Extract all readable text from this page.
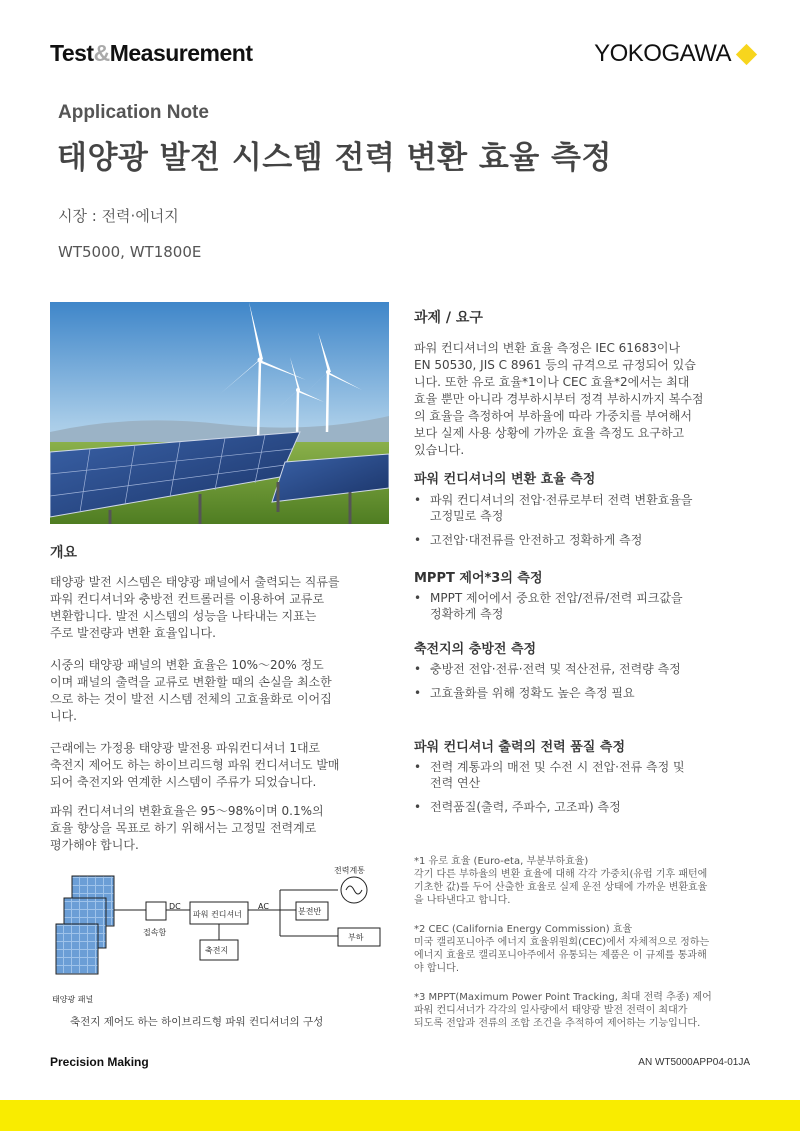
Test&Measurement	YOKOGAWA
Application Note
태양광 발전 시스템 전력 변환 효율 측정
시장 : 전력·에너지
WT5000, WT1800E
개요
태양광 발전 시스템은 태양광 패널에서 출력되는 직류를
파워 컨디셔너와 충방전 컨트롤러를 이용하여 교류로
변환합니다. 발전 시스템의 성능을 나타내는 지표는
주로 발전량과 변환 효율입니다.
시중의 태양광 패널의 변환 효율은 10%～20% 정도
이며 패널의 출력을 교류로 변환할 때의 손실을 최소한
으로 하는 것이 발전 시스템 전체의 고효율화로 이어집
니다.
근래에는 가정용 태양광 발전용 파워컨디셔너 1대로
축전지 제어도 하는 하이브리드형 파워 컨디셔너도 발매
되어 축전지와 연계한 시스템이 주류가 되었습니다.
파워 컨디셔너의 변환효율은 95～98%이며 0.1%의
효율 향상을 목표로 하기 위해서는 고정밀 전력계로
평가해야 합니다.
전력계통
DC	AC
접속함
파워 컨디셔너	분전반
부하
축전지
태양광 패널
축전지 제어도 하는 하이브리드형 파워 컨디셔너의 구성
과제 / 요구
파워 컨디셔너의 변환 효율 측정은 IEC 61683이나
EN 50530, JIS C 8961 등의 규격으로 규정되어 있습
니다. 또한 유로 효율*1이나 CEC 효율*2에서는 최대
효율 뿐만 아니라 경부하시부터 정격 부하시까지 복수점
의 효율을 측정하여 부하율에 따라 가중치를 부여해서
보다 실제 사용 상황에 가까운 효율 측정도 요구하고
있습니다.
파워 컨디셔너의 변환 효율 측정
• 파워 컨디셔너의 전압·전류로부터 전력 변환효율을
고정밀로 측정
• 고전압·대전류를 안전하고 정확하게 측정
MPPT 제어*3의 측정
• MPPT 제어에서 중요한 전압/전류/전력 피크값을
정확하게 측정
축전지의 충방전 측정
• 충방전 전압·전류·전력 및 적산전류, 전력량 측정
• 고효율화를 위해 정확도 높은 측정 필요
파워 컨디셔너 출력의 전력 품질 측정
• 전력 계통과의 매전 및 수전 시 전압·전류 측정 및
전력 연산
• 전력품질(출력, 주파수, 고조파) 측정
*1 유로 효율 (Euro-eta, 부분부하효율)
각기 다른 부하율의 변환 효율에 대해 각각 가중치(유럽 기후 패턴에
기초한 값)를 두어 산출한 효율로 실제 운전 상태에 가까운 변환효율
을 나타낸다고 합니다.
*2 CEC (California Energy Commission) 효율
미국 캘리포니아주 에너지 효율위원회(CEC)에서 자체적으로 정하는
에너지 효율로 캘리포니아주에서 유통되는 제품은 이 규제를 통과해
야 합니다.
*3 MPPT(Maximum Power Point Tracking, 최대 전력 추종) 제어
파워 컨디셔너가 각각의 일사량에서 태양광 발전 전력이 최대가
되도록 전압과 전류의 조합 조건을 추적하여 제어하는 기능입니다.
Precision Making	AN WT5000APP04-01JA
